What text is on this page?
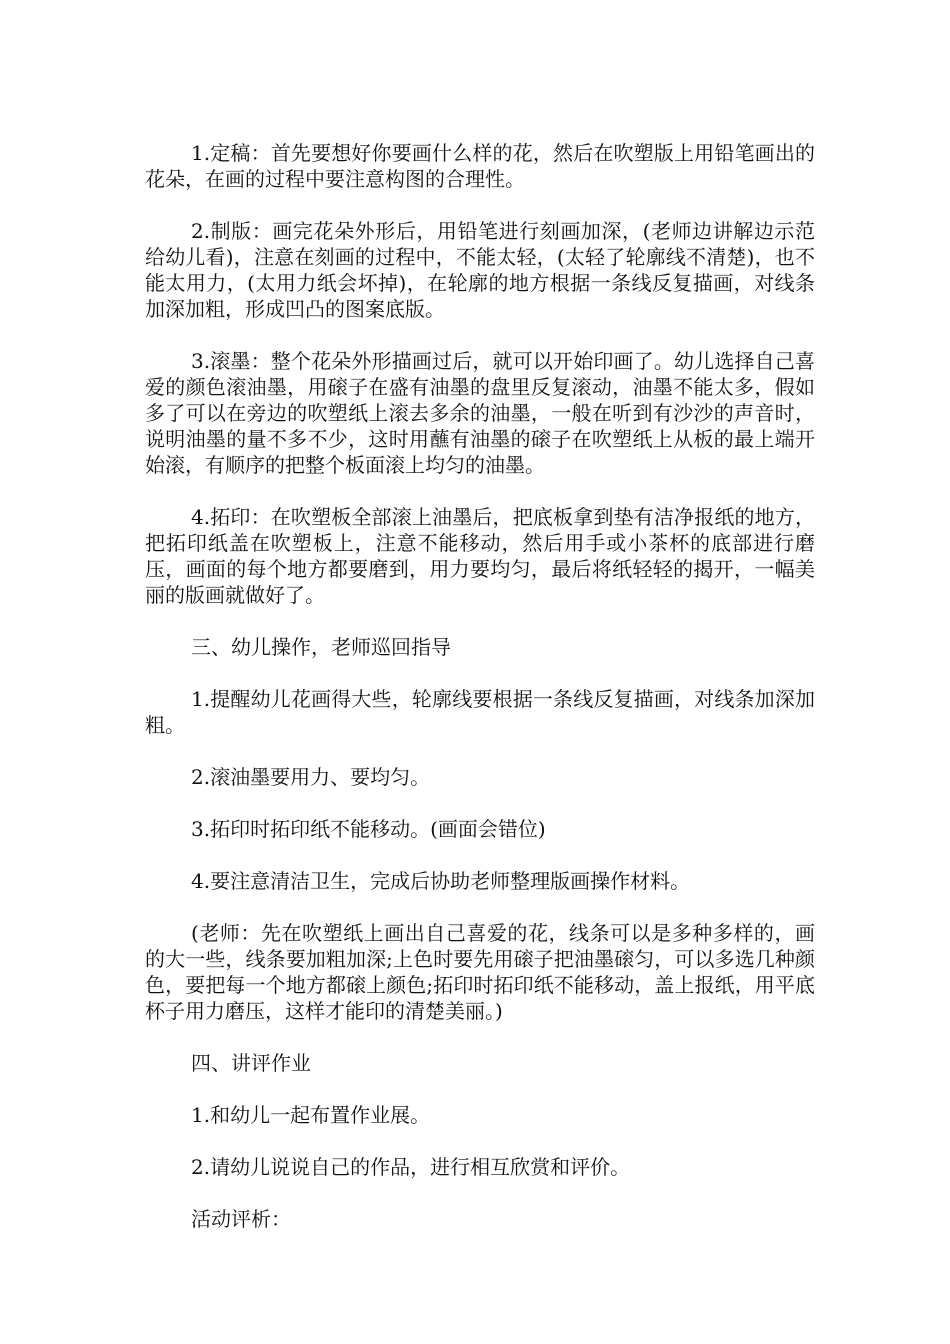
1.定稿：首先要想好你要画什么样的花，然后在吹塑版上用铅笔画出的花朵，在画的过程中要注意构图的合理性。

2.制版：画完花朵外形后，用铅笔进行刻画加深，(老师边讲解边示范给幼儿看)，注意在刻画的过程中，不能太轻，(太轻了轮廓线不清楚)，也不能太用力，(太用力纸会坏掉)，在轮廓的地方根据一条线反复描画，对线条加深加粗，形成凹凸的图案底版。

3.滚墨：整个花朵外形描画过后，就可以开始印画了。幼儿选择自己喜爱的颜色滚油墨，用磙子在盛有油墨的盘里反复滚动，油墨不能太多，假如多了可以在旁边的吹塑纸上滚去多余的油墨，一般在听到有沙沙的声音时，说明油墨的量不多不少，这时用蘸有油墨的磙子在吹塑纸上从板的最上端开始滚，有顺序的把整个板面滚上均匀的油墨。

4.拓印：在吹塑板全部滚上油墨后，把底板拿到垫有洁净报纸的地方，把拓印纸盖在吹塑板上，注意不能移动，然后用手或小茶杯的底部进行磨压，画面的每个地方都要磨到，用力要均匀，最后将纸轻轻的揭开，一幅美丽的版画就做好了。

三、幼儿操作，老师巡回指导

1.提醒幼儿花画得大些，轮廓线要根据一条线反复描画，对线条加深加粗。

2.滚油墨要用力、要均匀。

3.拓印时拓印纸不能移动。(画面会错位)

4.要注意清洁卫生，完成后协助老师整理版画操作材料。

(老师：先在吹塑纸上画出自己喜爱的花，线条可以是多种多样的，画的大一些，线条要加粗加深;上色时要先用磙子把油墨磙匀，可以多选几种颜色，要把每一个地方都磙上颜色;拓印时拓印纸不能移动，盖上报纸，用平底杯子用力磨压，这样才能印的清楚美丽。)

四、讲评作业

1.和幼儿一起布置作业展。

2.请幼儿说说自己的作品，进行相互欣赏和评价。

活动评析：
